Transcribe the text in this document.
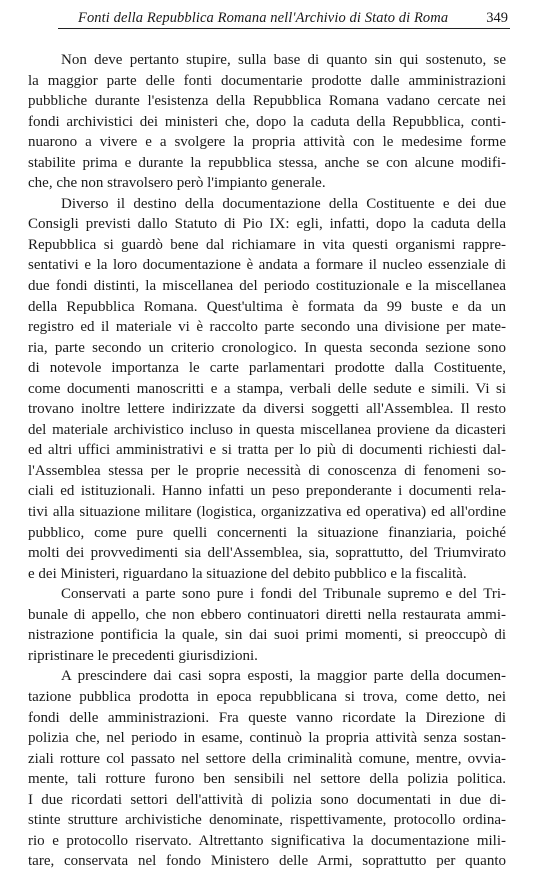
Fonti della Repubblica Romana nell'Archivio di Stato di Roma	349
Non deve pertanto stupire, sulla base di quanto sin qui sostenuto, se
la maggior parte delle fonti documentarie prodotte dalle amministrazioni
pubbliche durante l'esistenza della Repubblica Romana vadano cercate nei
fondi archivistici dei ministeri che, dopo la caduta della Repubblica, conti-
nuarono a vivere e a svolgere la propria attività con le medesime forme
stabilite prima e durante la repubblica stessa, anche se con alcune modifi-
che, che non stravolsero però l'impianto generale.
Diverso il destino della documentazione della Costituente e dei due
Consigli previsti dallo Statuto di Pio IX: egli, infatti, dopo la caduta della
Repubblica si guardò bene dal richiamare in vita questi organismi rappre-
sentativi e la loro documentazione è andata a formare il nucleo essenziale di
due fondi distinti, la miscellanea del periodo costituzionale e la miscellanea
della Repubblica Romana. Quest'ultima è formata da 99 buste e da un
registro ed il materiale vi è raccolto parte secondo una divisione per mate-
ria, parte secondo un criterio cronologico. In questa seconda sezione sono
di notevole importanza le carte parlamentari prodotte dalla Costituente,
come documenti manoscritti e a stampa, verbali delle sedute e simili. Vi si
trovano inoltre lettere indirizzate da diversi soggetti all'Assemblea. Il resto
del materiale archivistico incluso in questa miscellanea proviene da dicasteri
ed altri uffici amministrativi e si tratta per lo più di documenti richiesti dal-
l'Assemblea stessa per le proprie necessità di conoscenza di fenomeni so-
ciali ed istituzionali. Hanno infatti un peso preponderante i documenti rela-
tivi alla situazione militare (logistica, organizzativa ed operativa) ed all'ordine
pubblico, come pure quelli concernenti la situazione finanziaria, poiché
molti dei provvedimenti sia dell'Assemblea, sia, soprattutto, del Triumvirato
e dei Ministeri, riguardano la situazione del debito pubblico e la fiscalità.
Conservati a parte sono pure i fondi del Tribunale supremo e del Tri-
bunale di appello, che non ebbero continuatori diretti nella restaurata ammi-
nistrazione pontificia la quale, sin dai suoi primi momenti, si preoccupò di
ripristinare le precedenti giurisdizioni.
A prescindere dai casi sopra esposti, la maggior parte della documen-
tazione pubblica prodotta in epoca repubblicana si trova, come detto, nei
fondi delle amministrazioni. Fra queste vanno ricordate la Direzione di
polizia che, nel periodo in esame, continuò la propria attività senza sostan-
ziali rotture col passato nel settore della criminalità comune, mentre, ovvia-
mente, tali rotture furono ben sensibili nel settore della polizia politica.
I due ricordati settori dell'attività di polizia sono documentati in due di-
stinte strutture archivistiche denominate, rispettivamente, protocollo ordina-
rio e protocollo riservato. Altrettanto significativa la documentazione mili-
tare, conservata nel fondo Ministero delle Armi, soprattutto per quanto
